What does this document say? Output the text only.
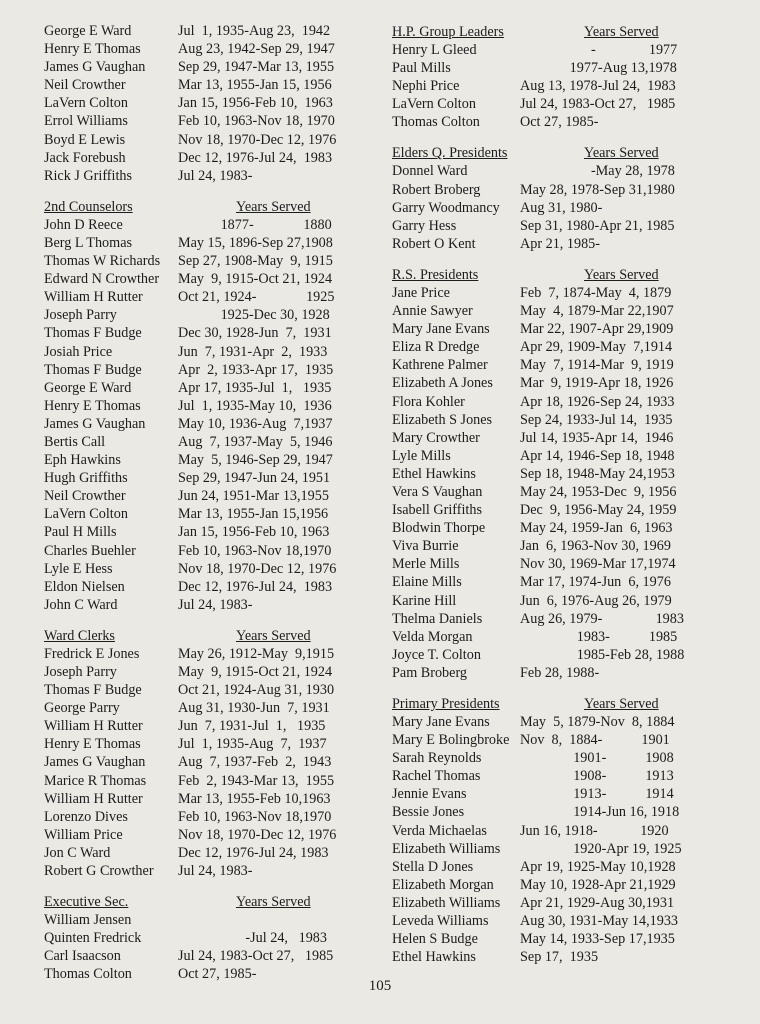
George E Ward	Jul  1, 1935-Aug 23,  1942
Henry E Thomas	Aug 23, 1942-Sep 29, 1947
James G Vaughan	Sep 29, 1947-Mar 13, 1955
Neil Crowther	Mar 13, 1955-Jan 15, 1956
LaVern Colton	Jan 15, 1956-Feb 10,  1963
Errol Williams	Feb 10, 1963-Nov 18, 1970
Boyd E Lewis	Nov 18, 1970-Dec 12, 1976
Jack Forebush	Dec 12, 1976-Jul 24,  1983
Rick J Griffiths	Jul 24, 1983-
2nd Counselors	Years Served
John D Reece	1877-              1880
Berg L Thomas	May 15, 1896-Sep 27,1908
Thomas W Richards	Sep 27, 1908-May  9, 1915
Edward N Crowther	May  9, 1915-Oct 21, 1924
William H Rutter	Oct 21, 1924-              1925
Joseph Parry	1925-Dec 30, 1928
Thomas F Budge	Dec 30, 1928-Jun  7,  1931
Josiah Price	Jun  7, 1931-Apr  2,  1933
Thomas F Budge	Apr  2, 1933-Apr 17,  1935
George E Ward	Apr 17, 1935-Jul  1,   1935
Henry E Thomas	Jul  1, 1935-May 10,  1936
James G Vaughan	May 10, 1936-Aug  7,1937
Bertis Call	Aug  7, 1937-May  5, 1946
Eph Hawkins	May  5, 1946-Sep 29, 1947
Hugh Griffiths	Sep 29, 1947-Jun 24, 1951
Neil Crowther	Jun 24, 1951-Mar 13,1955
LaVern Colton	Mar 13, 1955-Jan 15,1956
Paul H Mills	Jan 15, 1956-Feb 10, 1963
Charles Buehler	Feb 10, 1963-Nov 18,1970
Lyle E Hess	Nov 18, 1970-Dec 12, 1976
Eldon Nielsen	Dec 12, 1976-Jul 24,  1983
John C Ward	Jul 24, 1983-
Ward Clerks	Years Served
Fredrick E Jones	May 26, 1912-May  9,1915
Joseph Parry	May  9, 1915-Oct 21, 1924
Thomas F Budge	Oct 21, 1924-Aug 31, 1930
George Parry	Aug 31, 1930-Jun  7, 1931
William H Rutter	Jun  7, 1931-Jul  1,   1935
Henry E Thomas	Jul  1, 1935-Aug  7,  1937
James G Vaughan	Aug  7, 1937-Feb  2,  1943
Marice R Thomas	Feb  2, 1943-Mar 13,  1955
William H Rutter	Mar 13, 1955-Feb 10,1963
Lorenzo Dives	Feb 10, 1963-Nov 18,1970
William Price	Nov 18, 1970-Dec 12, 1976
Jon C Ward	Dec 12, 1976-Jul 24, 1983
Robert G Crowther	Jul 24, 1983-
Executive Sec.	Years Served
William Jensen
Quinten Fredrick	-Jul 24,   1983
Carl Isaacson	Jul 24, 1983-Oct 27,   1985
Thomas Colton	Oct 27, 1985-
H.P. Group Leaders	Years Served
Henry L Gleed	-               1977
Paul Mills	1977-Aug 13,1978
Nephi Price	Aug 13, 1978-Jul 24,  1983
LaVern Colton	Jul 24, 1983-Oct 27,   1985
Thomas Colton	Oct 27, 1985-
Elders Q. Presidents	Years Served
Donnel Ward	-May 28, 1978
Robert Broberg	May 28, 1978-Sep 31,1980
Garry Woodmancy	Aug 31, 1980-
Garry Hess	Sep 31, 1980-Apr 21, 1985
Robert O Kent	Apr 21, 1985-
R.S. Presidents	Years Served
Jane Price	Feb  7, 1874-May  4, 1879
Annie Sawyer	May  4, 1879-Mar 22,1907
Mary Jane Evans	Mar 22, 1907-Apr 29,1909
Eliza R Dredge	Apr 29, 1909-May  7,1914
Kathrene Palmer	May  7, 1914-Mar  9, 1919
Elizabeth A Jones	Mar  9, 1919-Apr 18, 1926
Flora Kohler	Apr 18, 1926-Sep 24, 1933
Elizabeth S Jones	Sep 24, 1933-Jul 14,  1935
Mary Crowther	Jul 14, 1935-Apr 14,  1946
Lyle Mills	Apr 14, 1946-Sep 18, 1948
Ethel Hawkins	Sep 18, 1948-May 24,1953
Vera S Vaughan	May 24, 1953-Dec  9, 1956
Isabell Griffiths	Dec  9, 1956-May 24, 1959
Blodwin Thorpe	May 24, 1959-Jan  6, 1963
Viva Burrie	Jan  6, 1963-Nov 30, 1969
Merle Mills	Nov 30, 1969-Mar 17,1974
Elaine Mills	Mar 17, 1974-Jun  6, 1976
Karine Hill	Jun  6, 1976-Aug 26, 1979
Thelma Daniels	Aug 26, 1979-               1983
Velda Morgan	1983-           1985
Joyce T. Colton	1985-Feb 28, 1988
Pam Broberg	Feb 28, 1988-
Primary Presidents	Years Served
Mary Jane Evans	May  5, 1879-Nov  8, 1884
Mary E Bolingbroke Nov  8,  1884-           1901
Sarah Reynolds	1901-           1908
Rachel Thomas	1908-           1913
Jennie Evans	1913-           1914
Bessie Jones	1914-Jun 16, 1918
Verda Michaelas	Jun 16, 1918-            1920
Elizabeth Williams	1920-Apr 19, 1925
Stella D Jones	Apr 19, 1925-May 10,1928
Elizabeth Morgan	May 10, 1928-Apr 21,1929
Elizabeth Williams	Apr 21, 1929-Aug 30,1931
Leveda Williams	Aug 30, 1931-May 14,1933
Helen S Budge	May 14, 1933-Sep 17,1935
Ethel Hawkins	Sep 17,  1935
105
